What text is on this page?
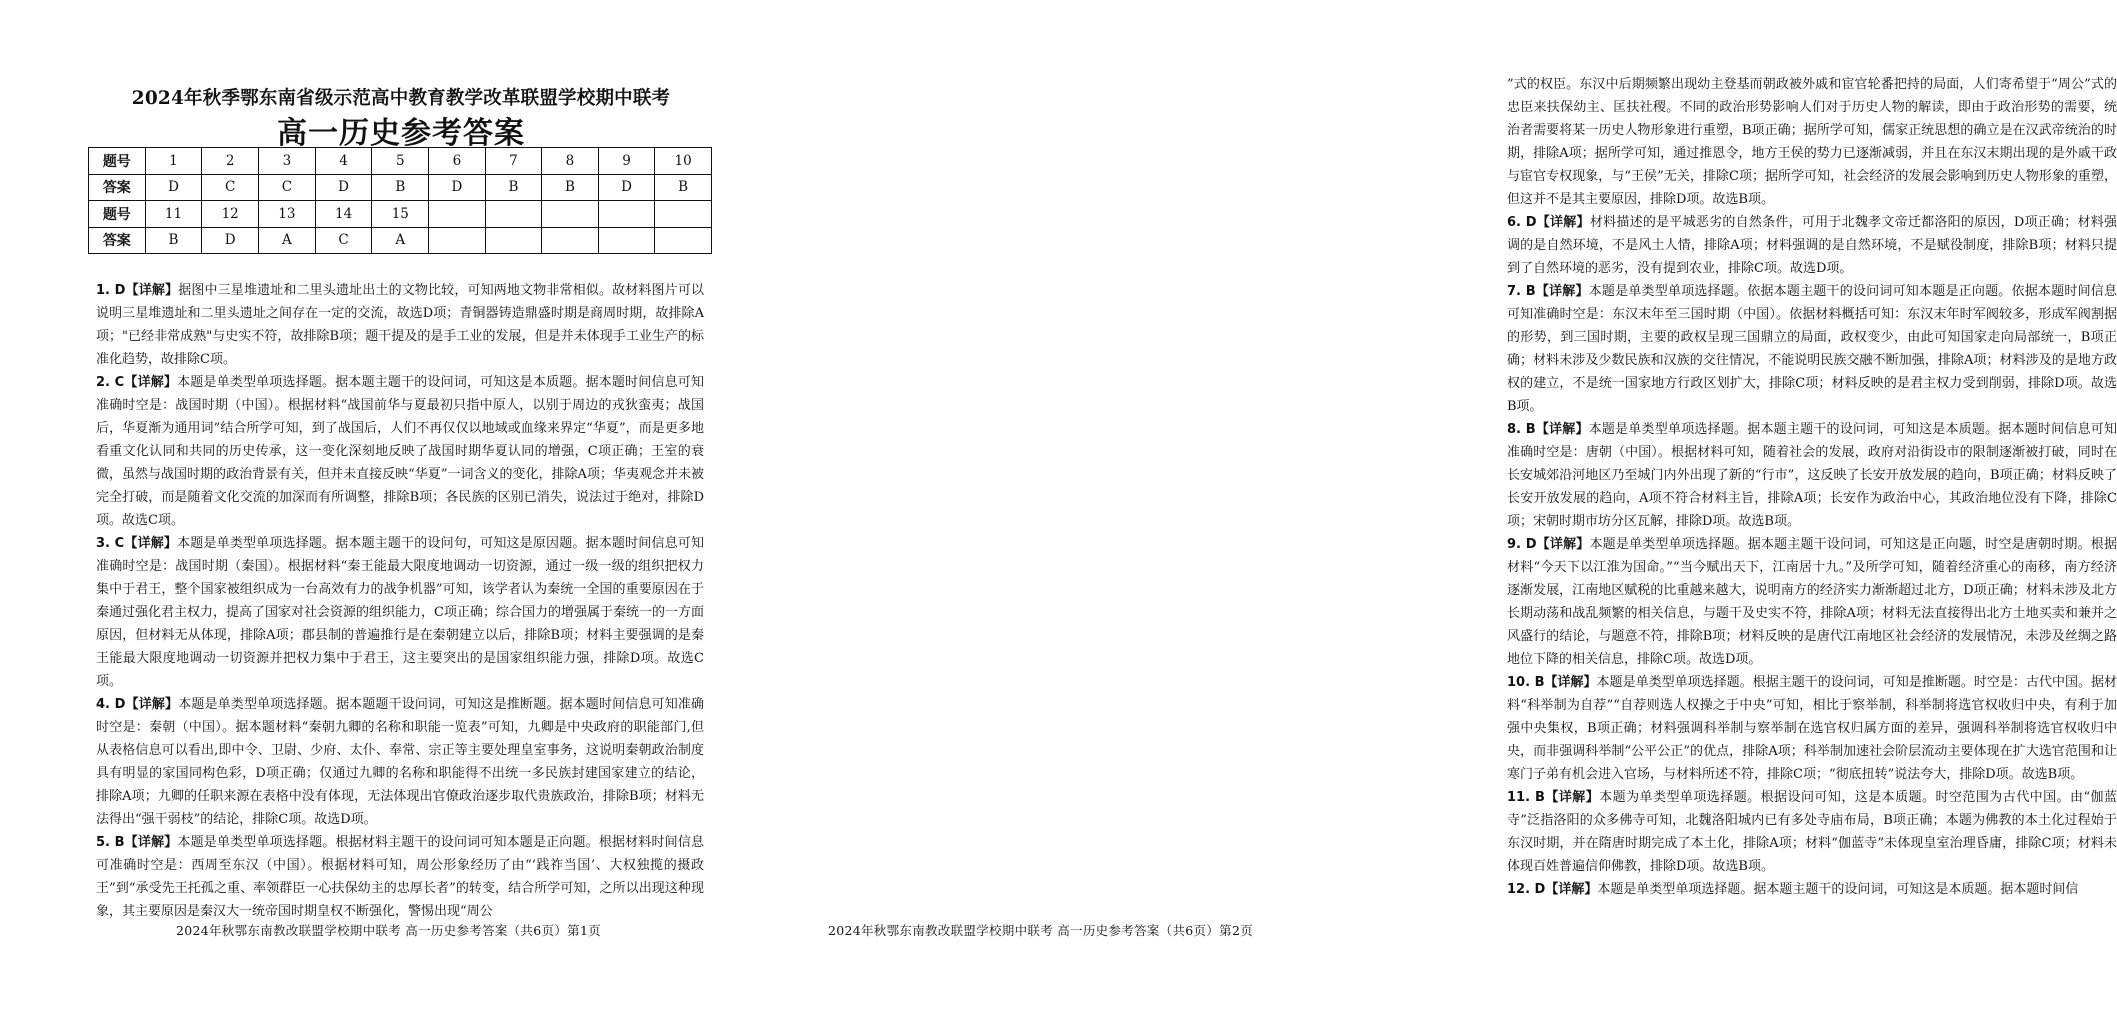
2024年秋季鄂东南省级示范高中教育教学改革联盟学校期中联考
高一历史参考答案
题号	1	2	3	4	5	6	7	8	9	10
答案	D	C	C	D	B	D	B	B	D	B
题号	11	12	13	14	15					
答案	B	D	A	C	A					

1. D【详解】据图中三星堆遗址和二里头遗址出土的文物比较，可知两地文物非常相似。故材料图片可以说明三星堆遗址和二里头遗址之间存在一定的交流，故选D项；青铜器铸造鼎盛时期是商周时期，故排除A项；"已经非常成熟"与史实不符，故排除B项；题干提及的是手工业的发展，但是并未体现手工业生产的标准化趋势，故排除C项。

2. C【详解】本题是单类型单项选择题。据本题主题干的设问词，可知这是本质题。据本题时间信息可知准确时空是：战国时期（中国）。根据材料“战国前华与夏最初只指中原人，以别于周边的戎狄蛮夷；战国后，华夏渐为通用词”结合所学可知，到了战国后，人们不再仅仅以地域或血缘来界定“华夏”，而是更多地看重文化认同和共同的历史传承，这一变化深刻地反映了战国时期华夏认同的增强，C项正确；王室的衰微，虽然与战国时期的政治背景有关，但并未直接反映“华夏”一词含义的变化，排除A项；华夷观念并未被完全打破，而是随着文化交流的加深而有所调整，排除B项；各民族的区别已消失，说法过于绝对，排除D项。故选C项。

3. C【详解】本题是单类型单项选择题。据本题主题干的设问句，可知这是原因题。据本题时间信息可知准确时空是：战国时期（秦国）。根据材料“秦王能最大限度地调动一切资源，通过一级一级的组织把权力集中于君王，整个国家被组织成为一台高效有力的战争机器”可知，该学者认为秦统一全国的重要原因在于秦通过强化君主权力，提高了国家对社会资源的组织能力，C项正确；综合国力的增强属于秦统一的一方面原因，但材料无从体现，排除A项；郡县制的普遍推行是在秦朝建立以后，排除B项；材料主要强调的是秦王能最大限度地调动一切资源并把权力集中于君王，这主要突出的是国家组织能力强，排除D项。故选C项。

4. D【详解】本题是单类型单项选择题。据本题题干设问词，可知这是推断题。据本题时间信息可知准确时空是：秦朝（中国）。据本题材料“秦朝九卿的名称和职能一览表”可知，九卿是中央政府的职能部门,但从表格信息可以看出,即中令、卫尉、少府、太仆、奉常、宗正等主要处理皇室事务，这说明秦朝政治制度具有明显的家国同构色彩，D项正确；仅通过九卿的名称和职能得不出统一多民族封建国家建立的结论，排除A项；九卿的任职来源在表格中没有体现，无法体现出官僚政治逐步取代贵族政治，排除B项；材料无法得出“强干弱枝”的结论，排除C项。故选D项。

5. B【详解】本题是单类型单项选择题。根据材料主题干的设问词可知本题是正向题。根据材料时间信息可准确时空是：西周至东汉（中国）。根据材料可知，周公形象经历了由“‘践祚当国’、大权独揽的摄政王”到“承受先王托孤之重、率领群臣一心扶保幼主的忠厚长者”的转变，结合所学可知，之所以出现这种现象，其主要原因是秦汉大一统帝国时期皇权不断强化，警惕出现“周公

2024年秋鄂东南教改联盟学校期中联考 高一历史参考答案（共6页）第1页

”式的权臣。东汉中后期频繁出现幼主登基而朝政被外戚和宦官轮番把持的局面，人们寄希望于“周公”式的忠臣来扶保幼主、匡扶社稷。不同的政治形势影响人们对于历史人物的解读，即由于政治形势的需要，统治者需要将某一历史人物形象进行重塑，B项正确；据所学可知，儒家正统思想的确立是在汉武帝统治的时期，排除A项；据所学可知，通过推恩令，地方王侯的势力已逐渐减弱，并且在东汉末期出现的是外戚干政与宦官专权现象，与“王侯”无关，排除C项；据所学可知，社会经济的发展会影响到历史人物形象的重塑，但这并不是其主要原因，排除D项。故选B项。

6. D【详解】材料描述的是平城恶劣的自然条件，可用于北魏孝文帝迁都洛阳的原因，D项正确；材料强调的是自然环境，不是风土人情，排除A项；材料强调的是自然环境，不是赋役制度，排除B项；材料只提到了自然环境的恶劣，没有提到农业，排除C项。故选D项。

7. B【详解】本题是单类型单项选择题。依据本题主题干的设问词可知本题是正向题。依据本题时间信息可知准确时空是：东汉末年至三国时期（中国）。依据材料概括可知：东汉末年时军阀较多，形成军阀割据的形势，到三国时期，主要的政权呈现三国鼎立的局面，政权变少，由此可知国家走向局部统一，B项正确；材料未涉及少数民族和汉族的交往情况，不能说明民族交融不断加强，排除A项；材料涉及的是地方政权的建立，不是统一国家地方行政区划扩大，排除C项；材料反映的是君主权力受到削弱，排除D项。故选B项。

8. B【详解】本题是单类型单项选择题。据本题主题干的设问词，可知这是本质题。据本题时间信息可知准确时空是：唐朝（中国）。根据材料可知，随着社会的发展，政府对沿街设市的限制逐渐被打破，同时在长安城郊沿河地区乃至城门内外出现了新的“行市”，这反映了长安开放发展的趋向，B项正确；材料反映了长安开放发展的趋向，A项不符合材料主旨，排除A项；长安作为政治中心，其政治地位没有下降，排除C项；宋朝时期市坊分区瓦解，排除D项。故选B项。

9. D【详解】本题是单类型单项选择题。据本题主题干设问词，可知这是正向题，时空是唐朝时期。根据材料“今天下以江淮为国命。”“当今赋出天下，江南居十九。”及所学可知，随着经济重心的南移，南方经济逐渐发展，江南地区赋税的比重越来越大，说明南方的经济实力渐渐超过北方，D项正确；材料未涉及北方长期动荡和战乱频繁的相关信息，与题干及史实不符，排除A项；材料无法直接得出北方土地买卖和兼并之风盛行的结论，与题意不符，排除B项；材料反映的是唐代江南地区社会经济的发展情况，未涉及丝绸之路地位下降的相关信息，排除C项。故选D项。

10. B【详解】本题是单类型单项选择题。根据主题干的设问词，可知是推断题。时空是：古代中国。据材料“科举制为自荐”“自荐则选人权操之于中央”可知，相比于察举制，科举制将选官权收归中央，有利于加强中央集权，B项正确；材料强调科举制与察举制在选官权归属方面的差异，强调科举制将选官权收归中央，而非强调科举制“公平公正”的优点，排除A项；科举制加速社会阶层流动主要体现在扩大选官范围和让寒门子弟有机会进入官场，与材料所述不符，排除C项；“彻底扭转”说法夸大，排除D项。故选B项。

11. B【详解】本题为单类型单项选择题。根据设问可知，这是本质题。时空范围为古代中国。由“伽蓝寺”泛指洛阳的众多佛寺可知，北魏洛阳城内已有多处寺庙布局，B项正确；本题为佛教的本土化过程始于东汉时期，并在隋唐时期完成了本土化，排除A项；材料“伽蓝寺”未体现皇室治理昏庸，排除C项；材料未体现百姓普遍信仰佛教，排除D项。故选B项。

12. D【详解】本题是单类型单项选择题。据本题主题干的设问词，可知这是本质题。据本题时间信

2024年秋鄂东南教改联盟学校期中联考 高一历史参考答案（共6页）第2页
